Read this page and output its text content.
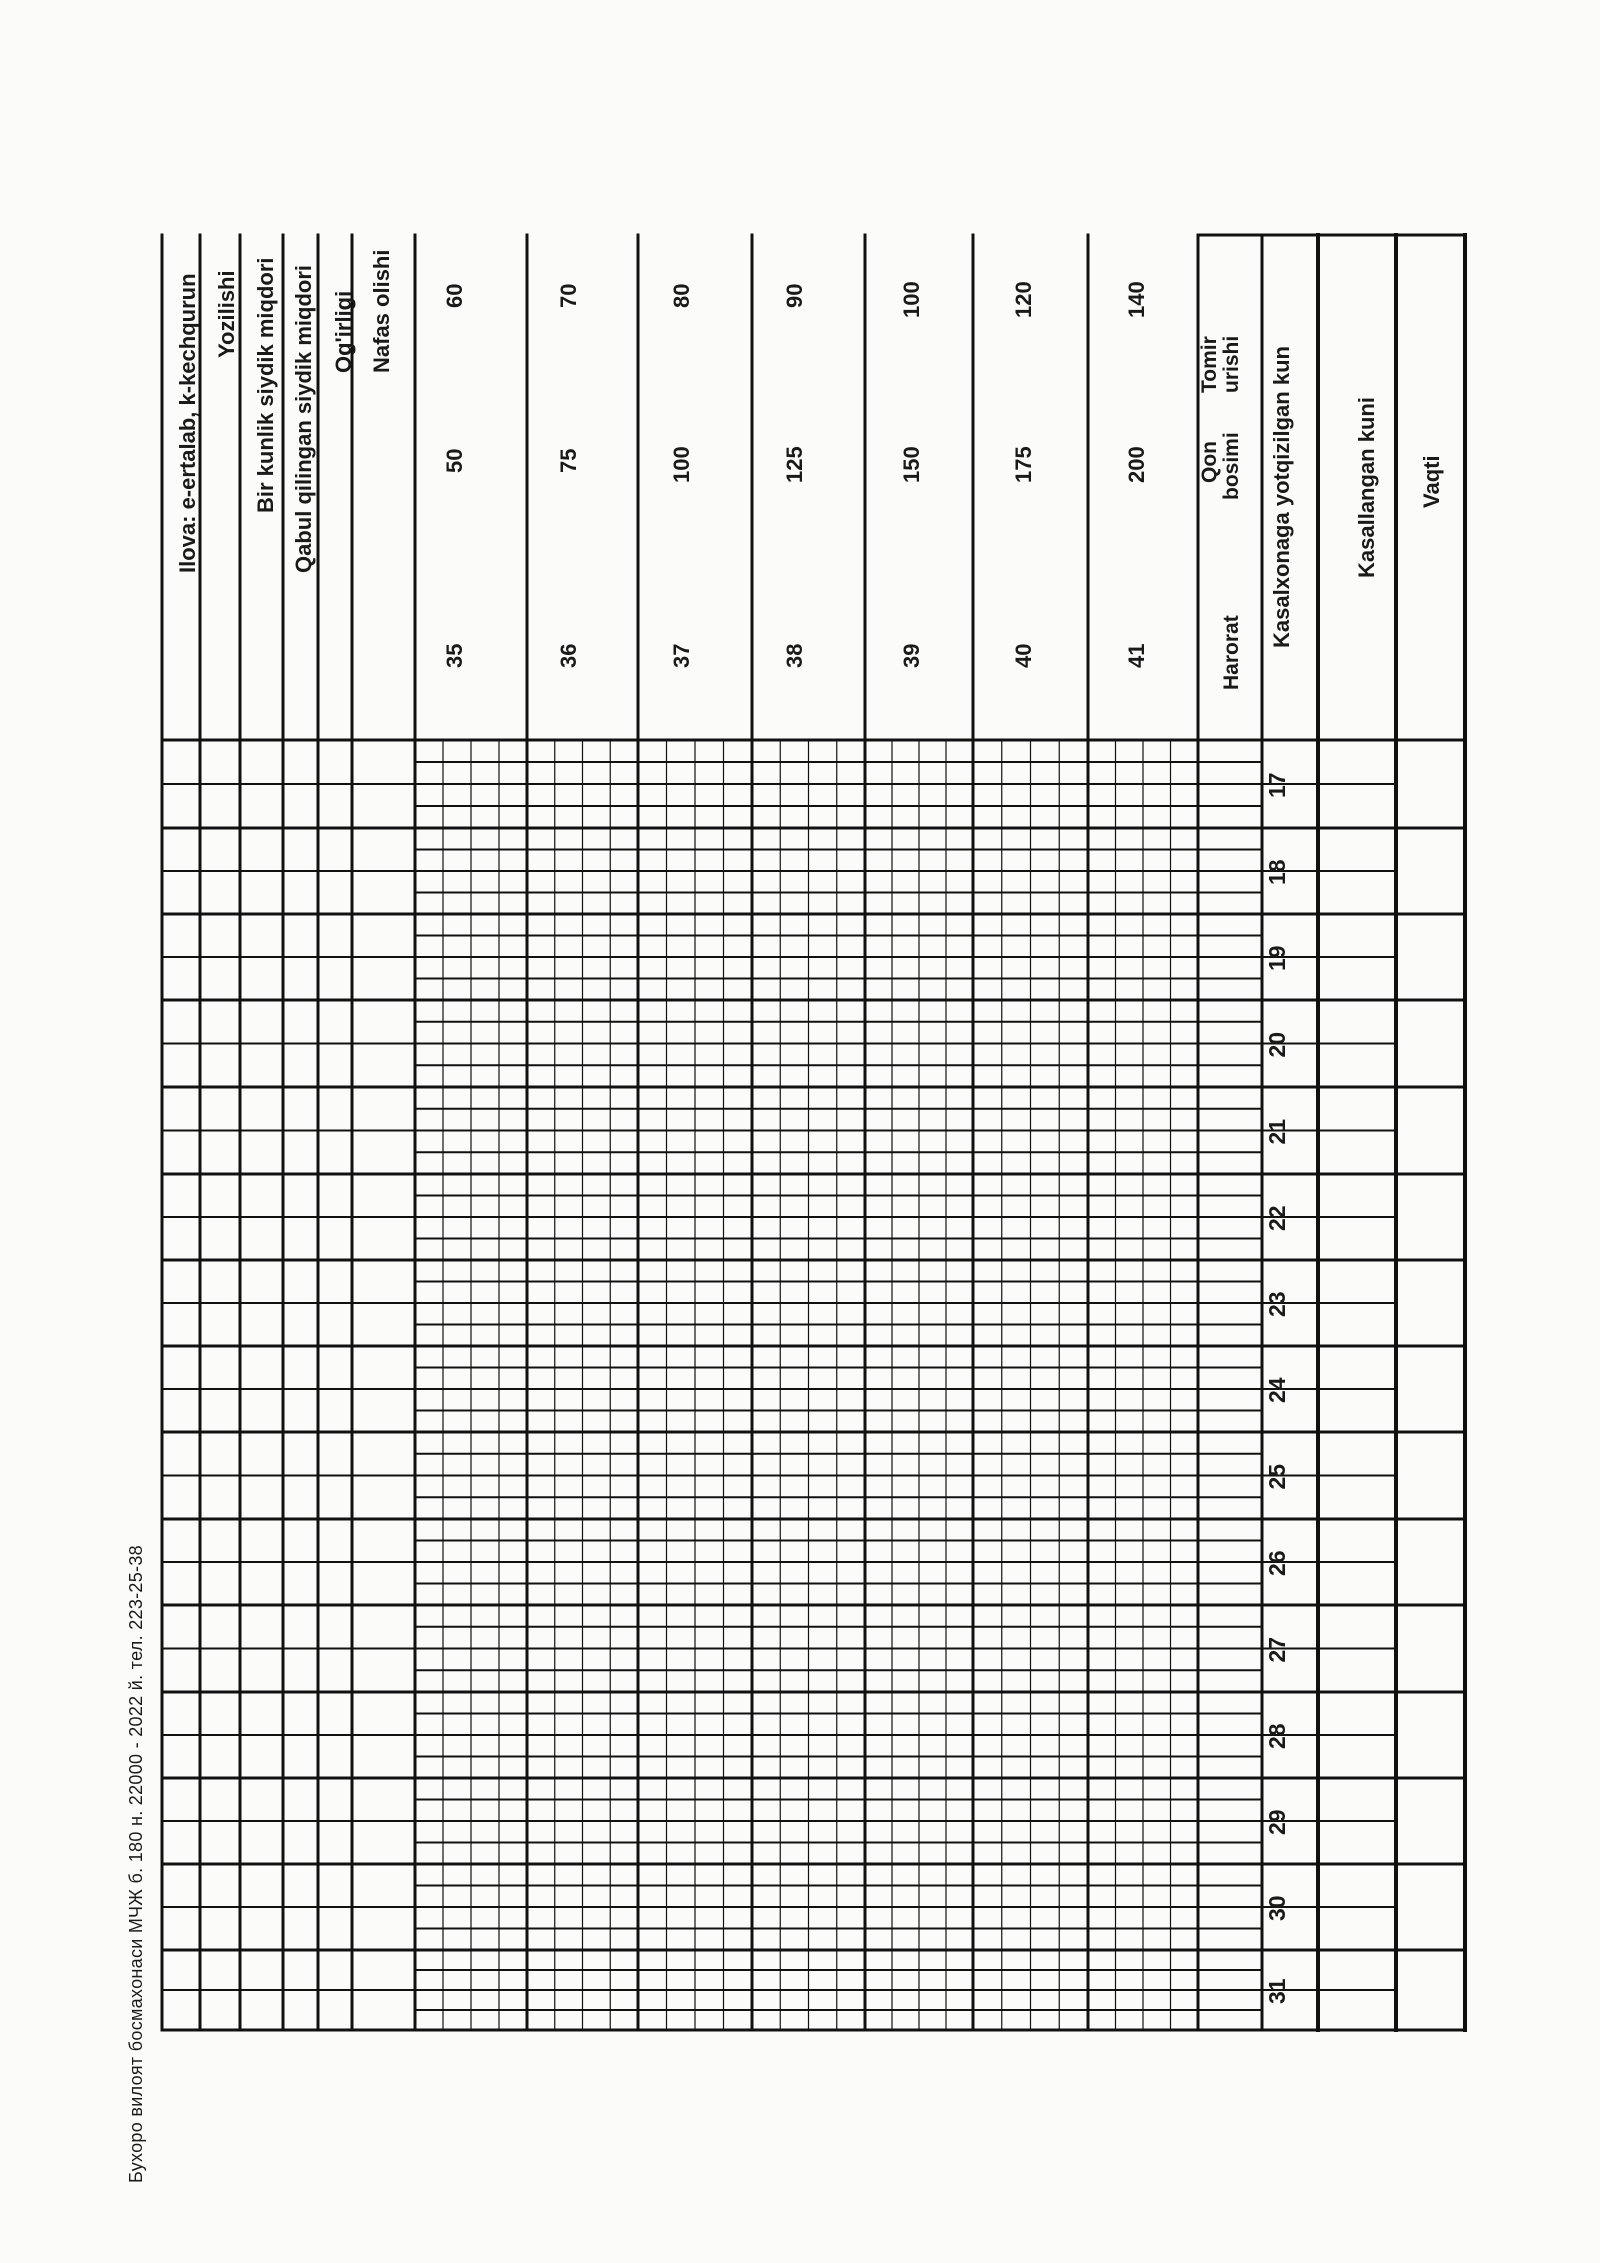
Vaqti
Kasallangan kuni
Kasalxonaga yotqizilgan kun
Tomir urishi
Qon bosimi
Harorat
140
120
100
90
80
70
60
200
175
150
125
100
75
50
41
40
39
38
37
36
35
Nafas olishi
Og'irligi
Qabul qilingan siydik miqdori
Bir kunlik siydik miqdori
Yozilishi
Ilova: e-ertalab, k-kechqurun
17
18
19
20
21
22
23
24
25
26
27
28
29
30
31
Бухоро вилоят босмахонаси МЧЖ б. 180 н. 22000 - 2022 й. тел. 223-25-38
